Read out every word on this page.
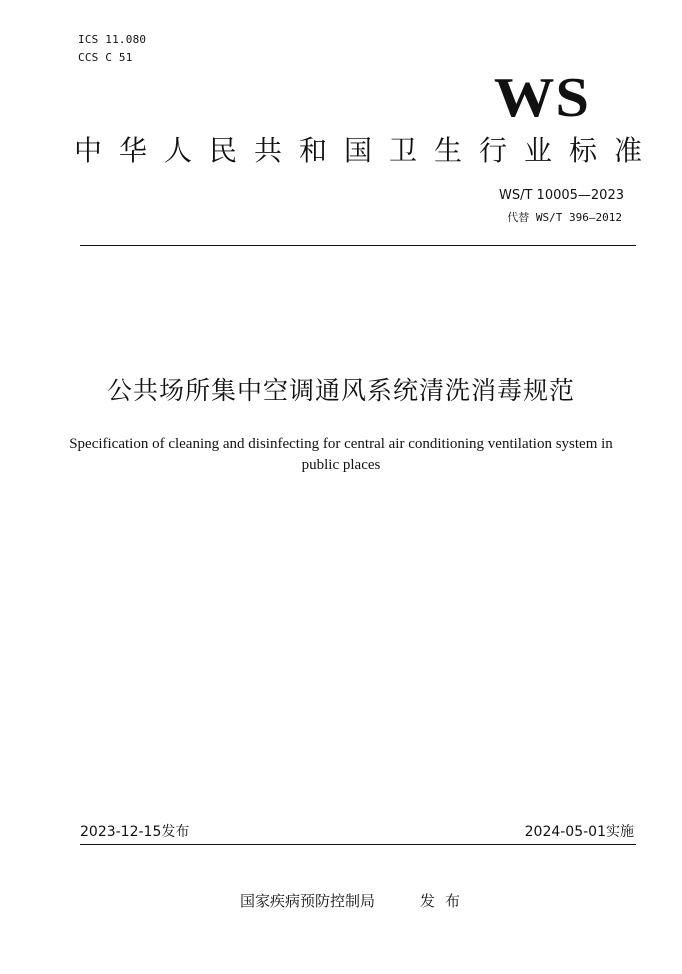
ICS 11.080
CCS C 51
WS
中华人民共和国卫生行业标准
WS/T 10005—2023
代替 WS/T 396—2012
公共场所集中空调通风系统清洗消毒规范
Specification of cleaning and disinfecting for central air conditioning ventilation system in public places
2023-12-15发布	2024-05-01实施
国家疾病预防控制局	发布
